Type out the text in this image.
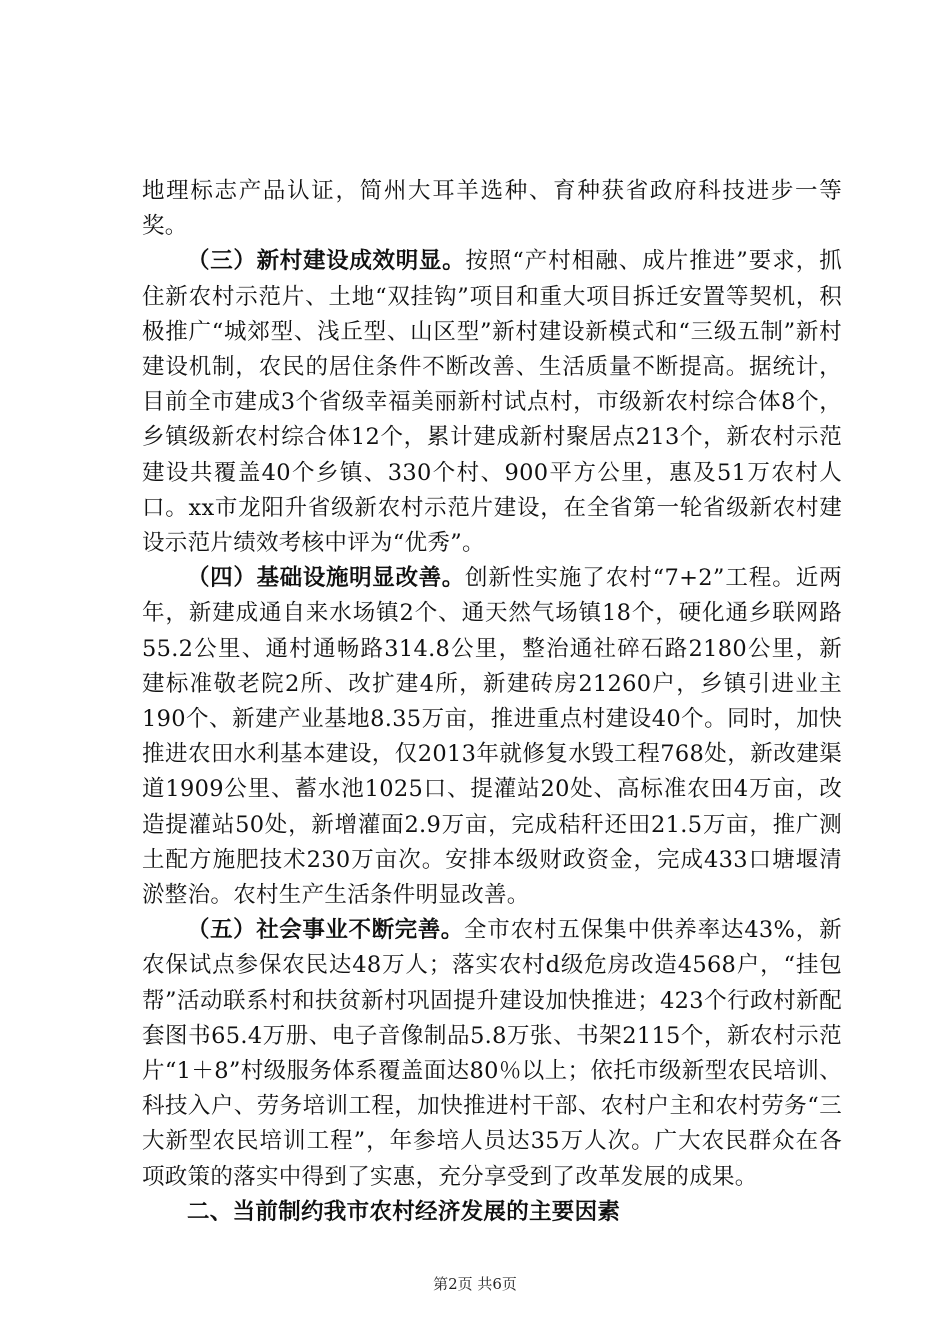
地理标志产品认证，简州大耳羊选种、育种获省政府科技进步一等奖。

（三）新村建设成效明显。按照“产村相融、成片推进”要求，抓住新农村示范片、土地“双挂钩”项目和重大项目拆迁安置等契机，积极推广“城郊型、浅丘型、山区型”新村建设新模式和“三级五制”新村建设机制，农民的居住条件不断改善、生活质量不断提高。据统计，目前全市建成3个省级幸福美丽新村试点村，市级新农村综合体8个，乡镇级新农村综合体12个，累计建成新村聚居点213个，新农村示范建设共覆盖40个乡镇、330个村、900平方公里，惠及51万农村人口。xx市龙阳升省级新农村示范片建设，在全省第一轮省级新农村建设示范片绩效考核中评为“优秀”。

（四）基础设施明显改善。创新性实施了农村“7+2”工程。近两年，新建成通自来水场镇2个、通天然气场镇18个，硬化通乡联网路55.2公里、通村通畅路314.8公里，整治通社碎石路2180公里，新建标准敬老院2所、改扩建4所，新建砖房21260户，乡镇引进业主190个、新建产业基地8.35万亩，推进重点村建设40个。同时，加快推进农田水利基本建设，仅2013年就修复水毁工程768处，新改建渠道1909公里、蓄水池1025口、提灌站20处、高标准农田4万亩，改造提灌站50处，新增灌面2.9万亩，完成秸秆还田21.5万亩，推广测土配方施肥技术230万亩次。安排本级财政资金，完成433口塘堰清淤整治。农村生产生活条件明显改善。

（五）社会事业不断完善。全市农村五保集中供养率达43%，新农保试点参保农民达48万人；落实农村d级危房改造4568户，“挂包帮”活动联系村和扶贫新村巩固提升建设加快推进；423个行政村新配套图书65.4万册、电子音像制品5.8万张、书架2115个，新农村示范片“1＋8”村级服务体系覆盖面达80％以上；依托市级新型农民培训、科技入户、劳务培训工程，加快推进村干部、农村户主和农村劳务“三大新型农民培训工程”，年参培人员达35万人次。广大农民群众在各项政策的落实中得到了实惠，充分享受到了改革发展的成果。

二、当前制约我市农村经济发展的主要因素

第2页 共6页
